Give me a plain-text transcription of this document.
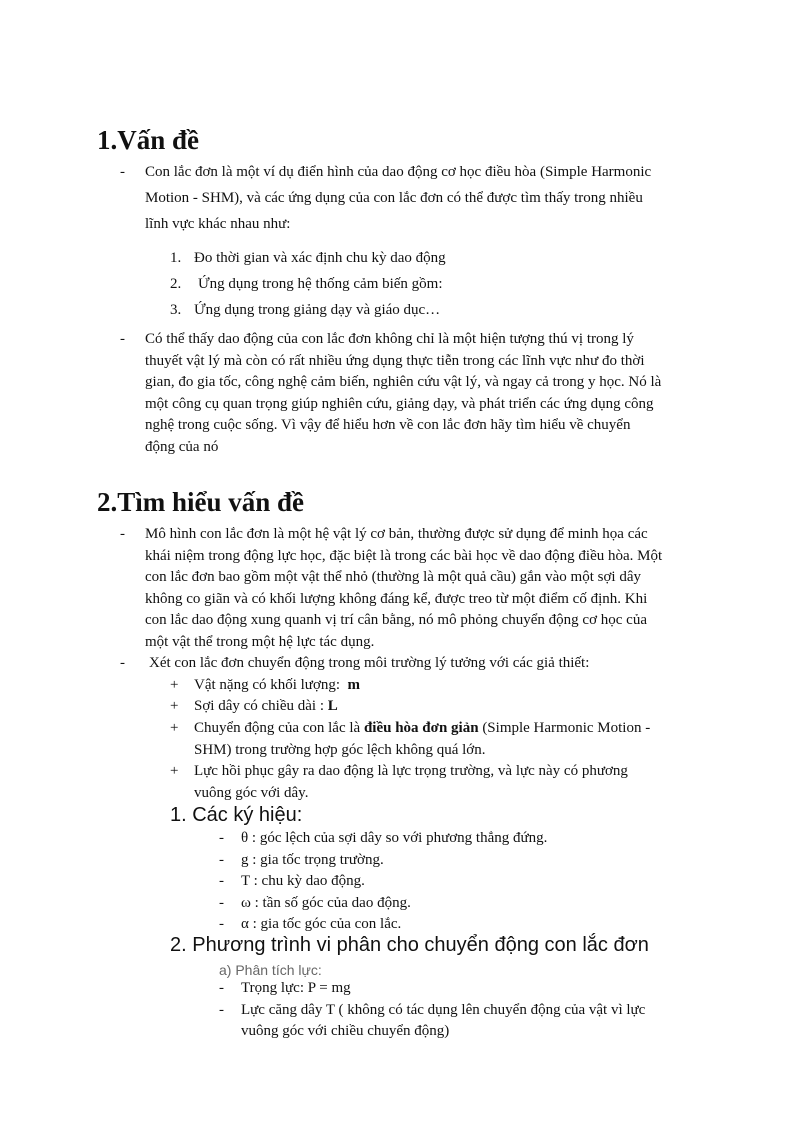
1.Vấn đề
-	Con lắc đơn là một ví dụ điển hình của dao động cơ học điều hòa (Simple Harmonic
Motion - SHM), và các ứng dụng của con lắc đơn có thể được tìm thấy trong nhiều
lĩnh vực khác nhau như:
1. Đo thời gian và xác định chu kỳ dao động
2. Ứng dụng trong hệ thống cảm biến gồm:
3. Ứng dụng trong giảng dạy và giáo dục…
-	Có thể thấy dao động của con lắc đơn không chỉ là một hiện tượng thú vị trong lý
thuyết vật lý mà còn có rất nhiều ứng dụng thực tiễn trong các lĩnh vực như đo thời
gian, đo gia tốc, công nghệ cảm biến, nghiên cứu vật lý, và ngay cả trong y học. Nó là
một công cụ quan trọng giúp nghiên cứu, giảng dạy, và phát triển các ứng dụng công
nghệ trong cuộc sống. Vì vậy để hiểu hơn về con lắc đơn hãy tìm hiểu về chuyển
động của nó
2.Tìm hiểu vấn đề
-	Mô hình con lắc đơn là một hệ vật lý cơ bản, thường được sử dụng để minh họa các
khái niệm trong động lực học, đặc biệt là trong các bài học về dao động điều hòa. Một
con lắc đơn bao gồm một vật thể nhỏ (thường là một quả cầu) gắn vào một sợi dây
không co giãn và có khối lượng không đáng kể, được treo từ một điểm cố định. Khi
con lắc dao động xung quanh vị trí cân bằng, nó mô phỏng chuyển động cơ học của
một vật thể trong một hệ lực tác dụng.
-	Xét con lắc đơn chuyển động trong môi trường lý tưởng với các giả thiết:
+ Vật nặng có khối lượng: m
+ Sợi dây có chiều dài : L
+ Chuyển động của con lắc là điều hòa đơn giản (Simple Harmonic Motion -
SHM) trong trường hợp góc lệch không quá lớn.
+ Lực hồi phục gây ra dao động là lực trọng trường, và lực này có phương
vuông góc với dây.
1. Các ký hiệu:
- θ : góc lệch của sợi dây so với phương thẳng đứng.
- g : gia tốc trọng trường.
- T : chu kỳ dao động.
- ω : tần số góc của dao động.
- α : gia tốc góc của con lắc.
2. Phương trình vi phân cho chuyển động con lắc đơn
a) Phân tích lực:
- Trọng lực: P = mg
- Lực căng dây T ( không có tác dụng lên chuyển động của vật vì lực
vuông góc với chiều chuyển động)
